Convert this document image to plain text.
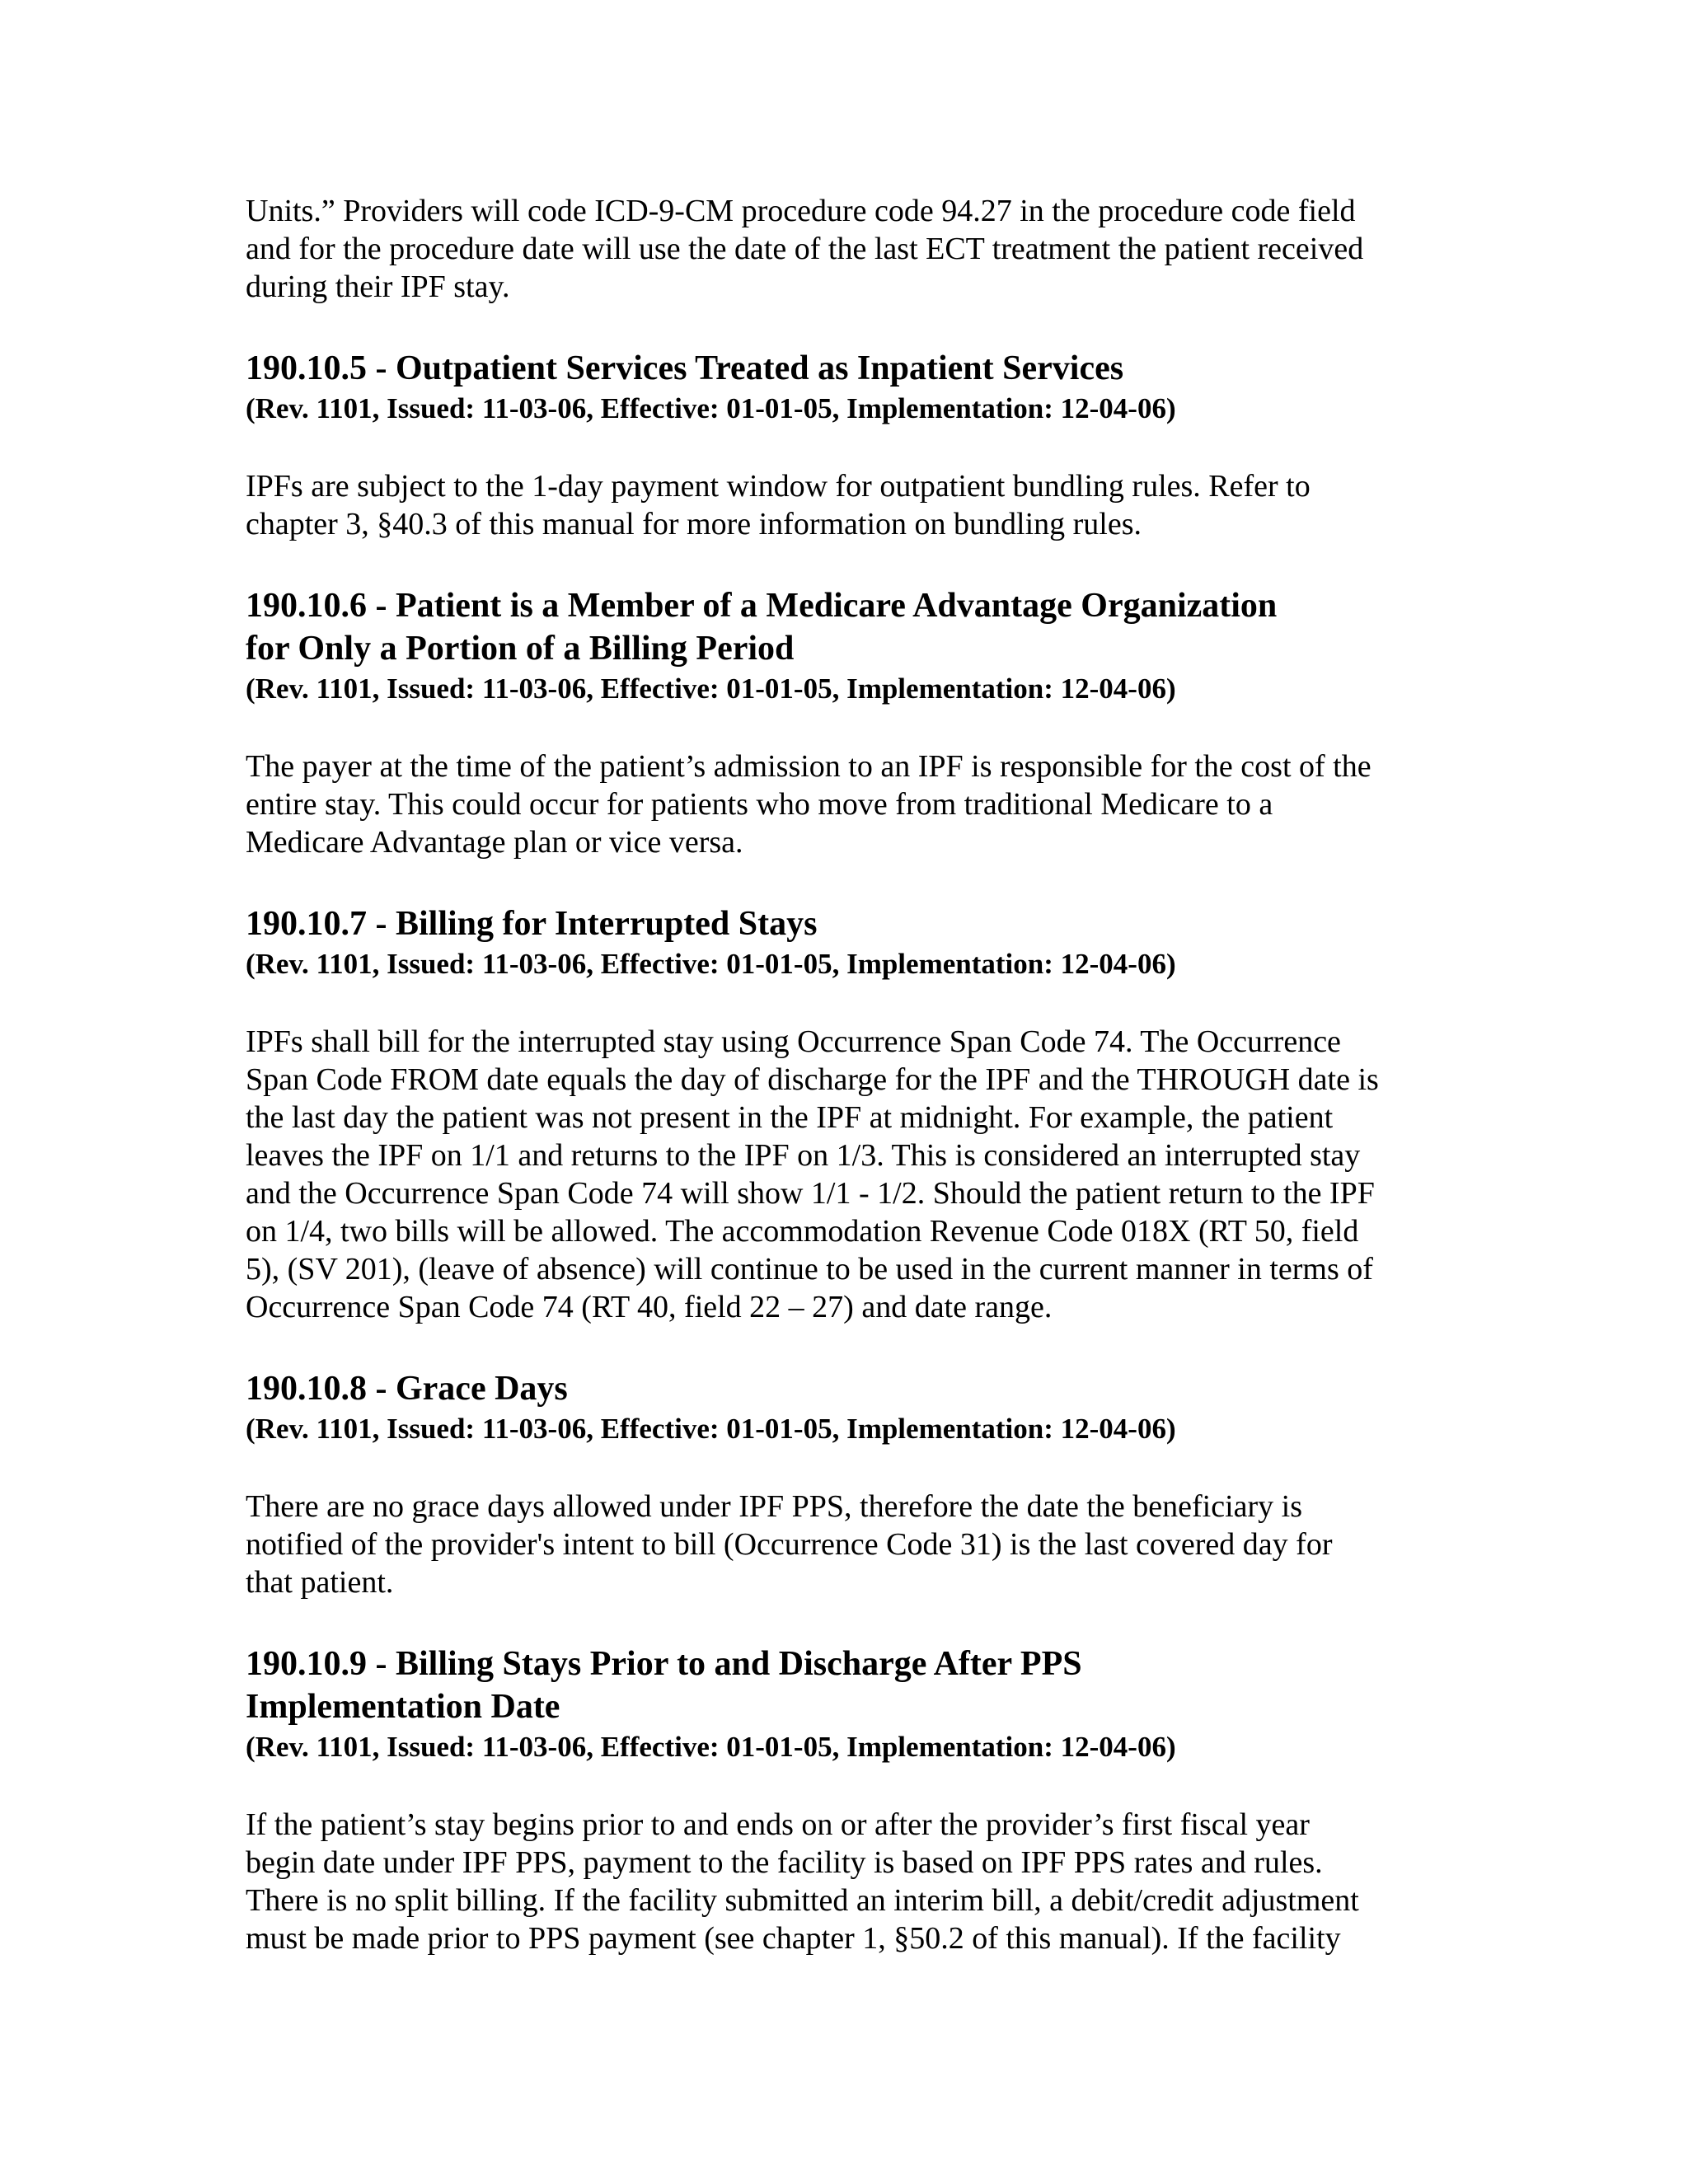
Units.” Providers will code ICD-9-CM procedure code 94.27 in the procedure code field
and for the procedure date will use the date of the last ECT treatment the patient received
during their IPF stay.

190.10.5 - Outpatient Services Treated as Inpatient Services

(Rev. 1101, Issued: 11-03-06, Effective: 01-01-05, Implementation: 12-04-06)

IPFs are subject to the 1-day payment window for outpatient bundling rules. Refer to
chapter 3, §40.3 of this manual for more information on bundling rules.

190.10.6 - Patient is a Member of a Medicare Advantage Organization
for Only a Portion of a Billing Period

(Rev. 1101, Issued: 11-03-06, Effective: 01-01-05, Implementation: 12-04-06)

The payer at the time of the patient’s admission to an IPF is responsible for the cost of the
entire stay. This could occur for patients who move from traditional Medicare to a
Medicare Advantage plan or vice versa.

190.10.7 - Billing for Interrupted Stays

(Rev. 1101, Issued: 11-03-06, Effective: 01-01-05, Implementation: 12-04-06)

IPFs shall bill for the interrupted stay using Occurrence Span Code 74. The Occurrence
Span Code FROM date equals the day of discharge for the IPF and the THROUGH date is
the last day the patient was not present in the IPF at midnight. For example, the patient
leaves the IPF on 1/1 and returns to the IPF on 1/3. This is considered an interrupted stay
and the Occurrence Span Code 74 will show 1/1 - 1/2. Should the patient return to the IPF
on 1/4, two bills will be allowed. The accommodation Revenue Code 018X (RT 50, field
5), (SV 201), (leave of absence) will continue to be used in the current manner in terms of
Occurrence Span Code 74 (RT 40, field 22 – 27) and date range.

190.10.8 - Grace Days

(Rev. 1101, Issued: 11-03-06, Effective: 01-01-05, Implementation: 12-04-06)

There are no grace days allowed under IPF PPS, therefore the date the beneficiary is
notified of the provider's intent to bill (Occurrence Code 31) is the last covered day for
that patient.

190.10.9 - Billing Stays Prior to and Discharge After PPS
Implementation Date

(Rev. 1101, Issued: 11-03-06, Effective: 01-01-05, Implementation: 12-04-06)

If the patient’s stay begins prior to and ends on or after the provider’s first fiscal year
begin date under IPF PPS, payment to the facility is based on IPF PPS rates and rules.
There is no split billing. If the facility submitted an interim bill, a debit/credit adjustment
must be made prior to PPS payment (see chapter 1, §50.2 of this manual). If the facility
